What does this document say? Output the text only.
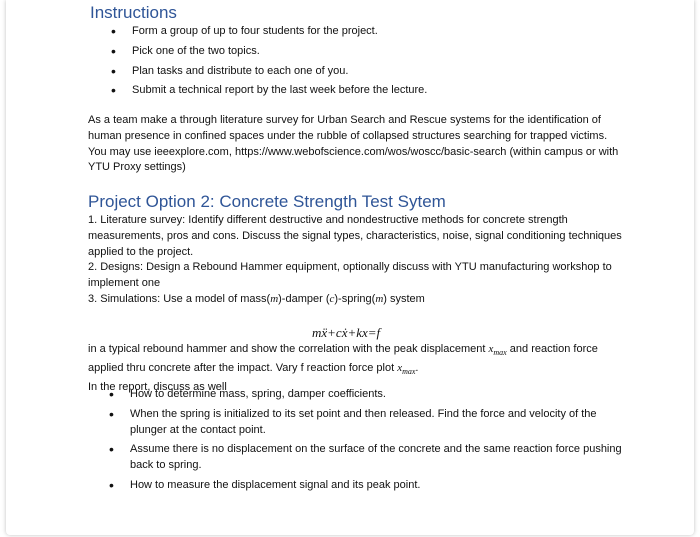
Instructions
• Form a group of up to four students for the project.
• Pick one of the two topics.
• Plan tasks and distribute to each one of you.
• Submit a technical report by the last week before the lecture.
As a team make a through literature survey for Urban Search and Rescue systems for the identification of human presence in confined spaces under the rubble of collapsed structures searching for trapped victims. You may use ieeexplore.com, https://www.webofscience.com/wos/woscc/basic-search (within campus or with YTU Proxy settings)
Project Option 2: Concrete Strength Test Sytem

1. Literature survey: Identify different destructive and nondestructive methods for concrete strength measurements, pros and cons. Discuss the signal types, characteristics, noise, signal conditioning techniques applied to the project.

2. Designs: Design a Rebound Hammer equipment, optionally discuss with YTU manufacturing workshop to implement one

3. Simulations: Use a model of mass(m)-damper (c)-spring(m) system

mẍ+cẋ+kx=f

in a typical rebound hammer and show the correlation with the peak displacement $x_{max}$ and reaction force applied thru concrete after the impact. Vary f reaction force plot $x_{max}$.

In the report, discuss as well

• How to determine mass, spring, damper coefficients.
• When the spring is initialized to its set point and then released. Find the force and velocity of the plunger at the contact point.
• Assume there is no displacement on the surface of the concrete and the same reaction force pushing back to spring.
• How to measure the displacement signal and its peak point.
